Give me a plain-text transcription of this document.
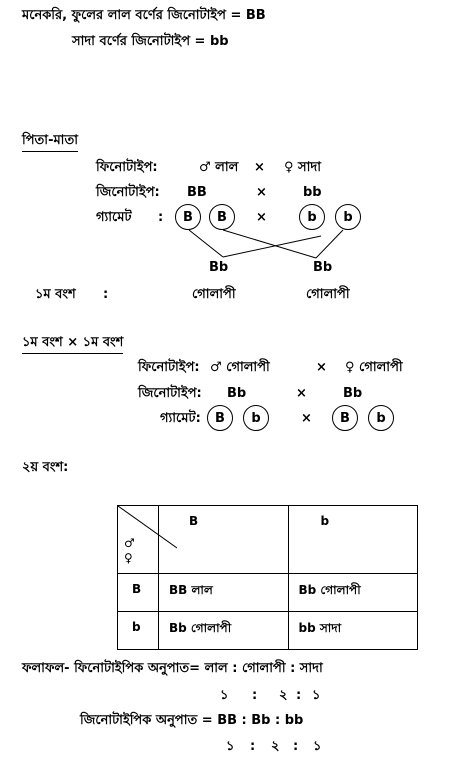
মনেকরি, ফুলের লাল বর্ণের জিনোটাইপ = BB
সাদা বর্ণের জিনোটাইপ = bb
পিতা-মাতা
ফিনোটাইপ:	♂ লাল × ♀ সাদা
জিনোটাইপ: BB	×	bb
গ্যামেট :	B	B	×	b	b
Bb	Bb
১ম বংশ :	গোলাপী	গোলাপী
১ম বংশ × ১ম বংশ
ফিনোটাইপ: ♂ গোলাপী	× ♀ গোলাপী
জিনোটাইপ: Bb	×	Bb
গ্যামেট:	B	b	×	B	b
২য় বংশ:
♂
♀	B	b
B	BB লাল	Bb গোলাপী
b	Bb গোলাপী	bb সাদা
ফলাফল- ফিনোটাইপিক অনুপাত= লাল : গোলাপী : সাদা
১ : ২ : ১
জিনোটাইপিক অনুপাত = BB : Bb : bb
১ : ২ : ১
